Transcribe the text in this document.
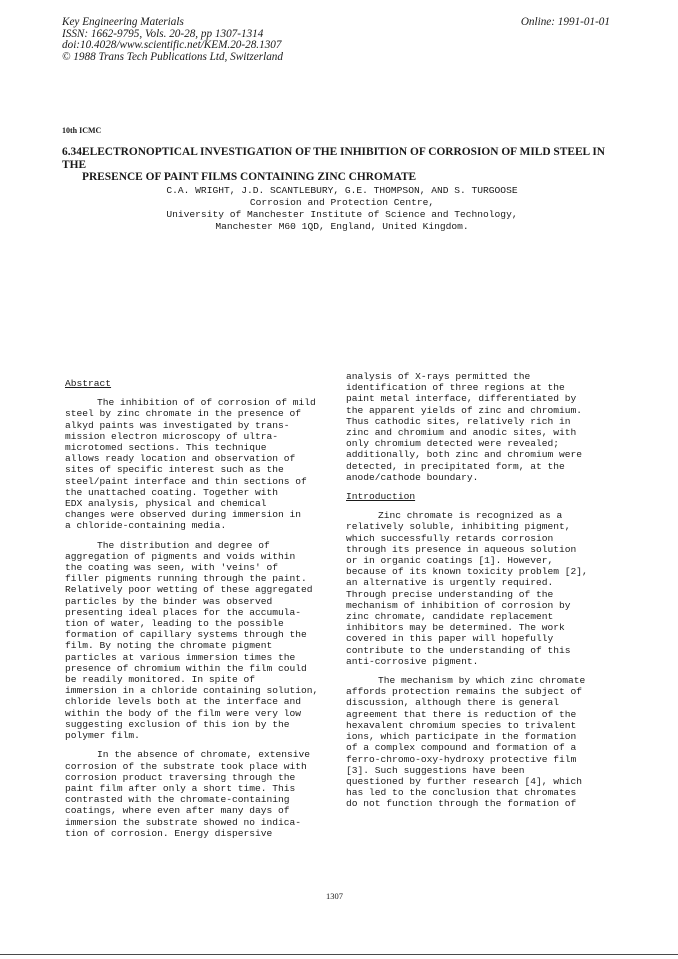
Key Engineering Materials
ISSN: 1662-9795, Vols. 20-28, pp 1307-1314
doi:10.4028/www.scientific.net/KEM.20-28.1307
© 1988 Trans Tech Publications Ltd, Switzerland
Online: 1991-01-01
10th ICMC
6.34.ELECTRONOPTICAL INVESTIGATION OF THE INHIBITION OF CORROSION OF MILD STEEL IN THE
PRESENCE OF PAINT FILMS CONTAINING ZINC CHROMATE
C.A. WRIGHT, J.D. SCANTLEBURY, G.E. THOMPSON, AND S. TURGOOSE
Corrosion and Protection Centre,
University of Manchester Institute of Science and Technology,
Manchester M60 1QD, England, United Kingdom.

Abstract

The inhibition of of corrosion of mild

steel by zinc chromate in the presence of

alkyd paints was investigated by trans-

mission electron microscopy of ultra-

microtomed sections. This technique

allows ready location and observation of

sites of specific interest such as the

steel/paint interface and thin sections of

the unattached coating. Together with

EDX analysis, physical and chemical

changes were observed during immersion in

a chloride-containing media.

The distribution and degree of

aggregation of pigments and voids within

the coating was seen, with 'veins' of

filler pigments running through the paint.

Relatively poor wetting of these aggregated

particles by the binder was observed

presenting ideal places for the accumula-

tion of water, leading to the possible

formation of capillary systems through the

film. By noting the chromate pigment

particles at various immersion times the

presence of chromium within the film could

be readily monitored. In spite of

immersion in a chloride containing solution,

chloride levels both at the interface and

within the body of the film were very low

suggesting exclusion of this ion by the

polymer film.

In the absence of chromate, extensive

corrosion of the substrate took place with

corrosion product traversing through the

paint film after only a short time. This

contrasted with the chromate-containing

coatings, where even after many days of

immersion the substrate showed no indica-

tion of corrosion. Energy dispersive

analysis of X-rays permitted the

identification of three regions at the

paint metal interface, differentiated by

the apparent yields of zinc and chromium.

Thus cathodic sites, relatively rich in

zinc and chromium and anodic sites, with

only chromium detected were revealed;

additionally, both zinc and chromium were

detected, in precipitated form, at the

anode/cathode boundary.

Introduction

Zinc chromate is recognized as a

relatively soluble, inhibiting pigment,

which successfully retards corrosion

through its presence in aqueous solution

or in organic coatings [1]. However,

because of its known toxicity problem [2],

an alternative is urgently required.

Through precise understanding of the

mechanism of inhibition of corrosion by

zinc chromate, candidate replacement

inhibitors may be determined. The work

covered in this paper will hopefully

contribute to the understanding of this

anti-corrosive pigment.

The mechanism by which zinc chromate

affords protection remains the subject of

discussion, although there is general

agreement that there is reduction of the

hexavalent chromium species to trivalent

ions, which participate in the formation

of a complex compound and formation of a

ferro-chromo-oxy-hydroxy protective film

[3]. Such suggestions have been

questioned by further research [4], which

has led to the conclusion that chromates

do not function through the formation of

1307
